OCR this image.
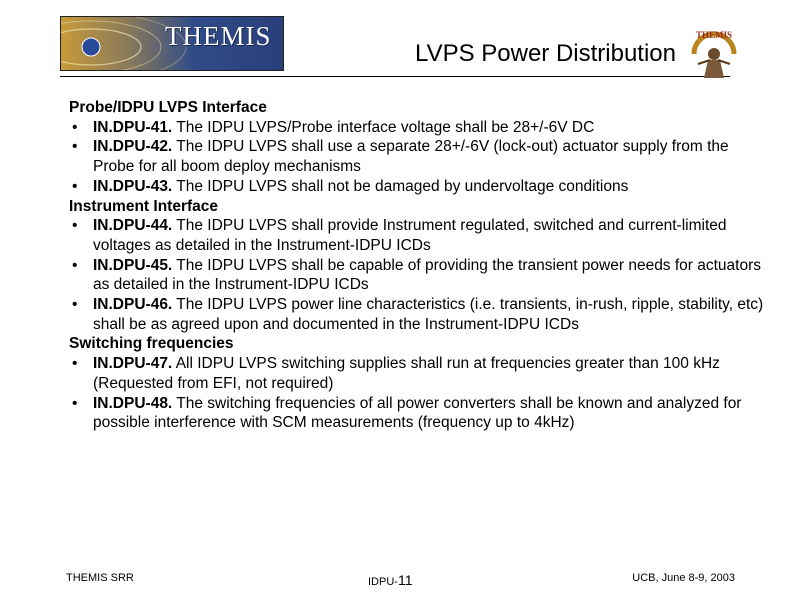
THEMIS
LVPS Power Distribution
THEMIS
Probe/IDPU LVPS Interface
• IN.DPU-41. The IDPU LVPS/Probe interface voltage shall be 28+/-6V DC
• IN.DPU-42. The IDPU LVPS shall use a separate 28+/-6V (lock-out) actuator supply from the Probe for all boom deploy mechanisms
• IN.DPU-43. The IDPU LVPS shall not be damaged by undervoltage conditions
Instrument Interface
• IN.DPU-44. The IDPU LVPS shall provide Instrument regulated, switched and current-limited voltages as detailed in the Instrument-IDPU ICDs
• IN.DPU-45. The IDPU LVPS shall be capable of providing the transient power needs for actuators as detailed in the Instrument-IDPU ICDs
• IN.DPU-46. The IDPU LVPS power line characteristics (i.e. transients, in-rush, ripple, stability, etc) shall be as agreed upon and documented in the Instrument-IDPU ICDs
Switching frequencies
• IN.DPU-47. All IDPU LVPS switching supplies shall run at frequencies greater than 100 kHz (Requested from EFI, not required)
• IN.DPU-48. The switching frequencies of all power converters shall be known and analyzed for possible interference with SCM measurements (frequency up to 4kHz)
THEMIS SRR	IDPU-11	UCB, June 8-9, 2003
